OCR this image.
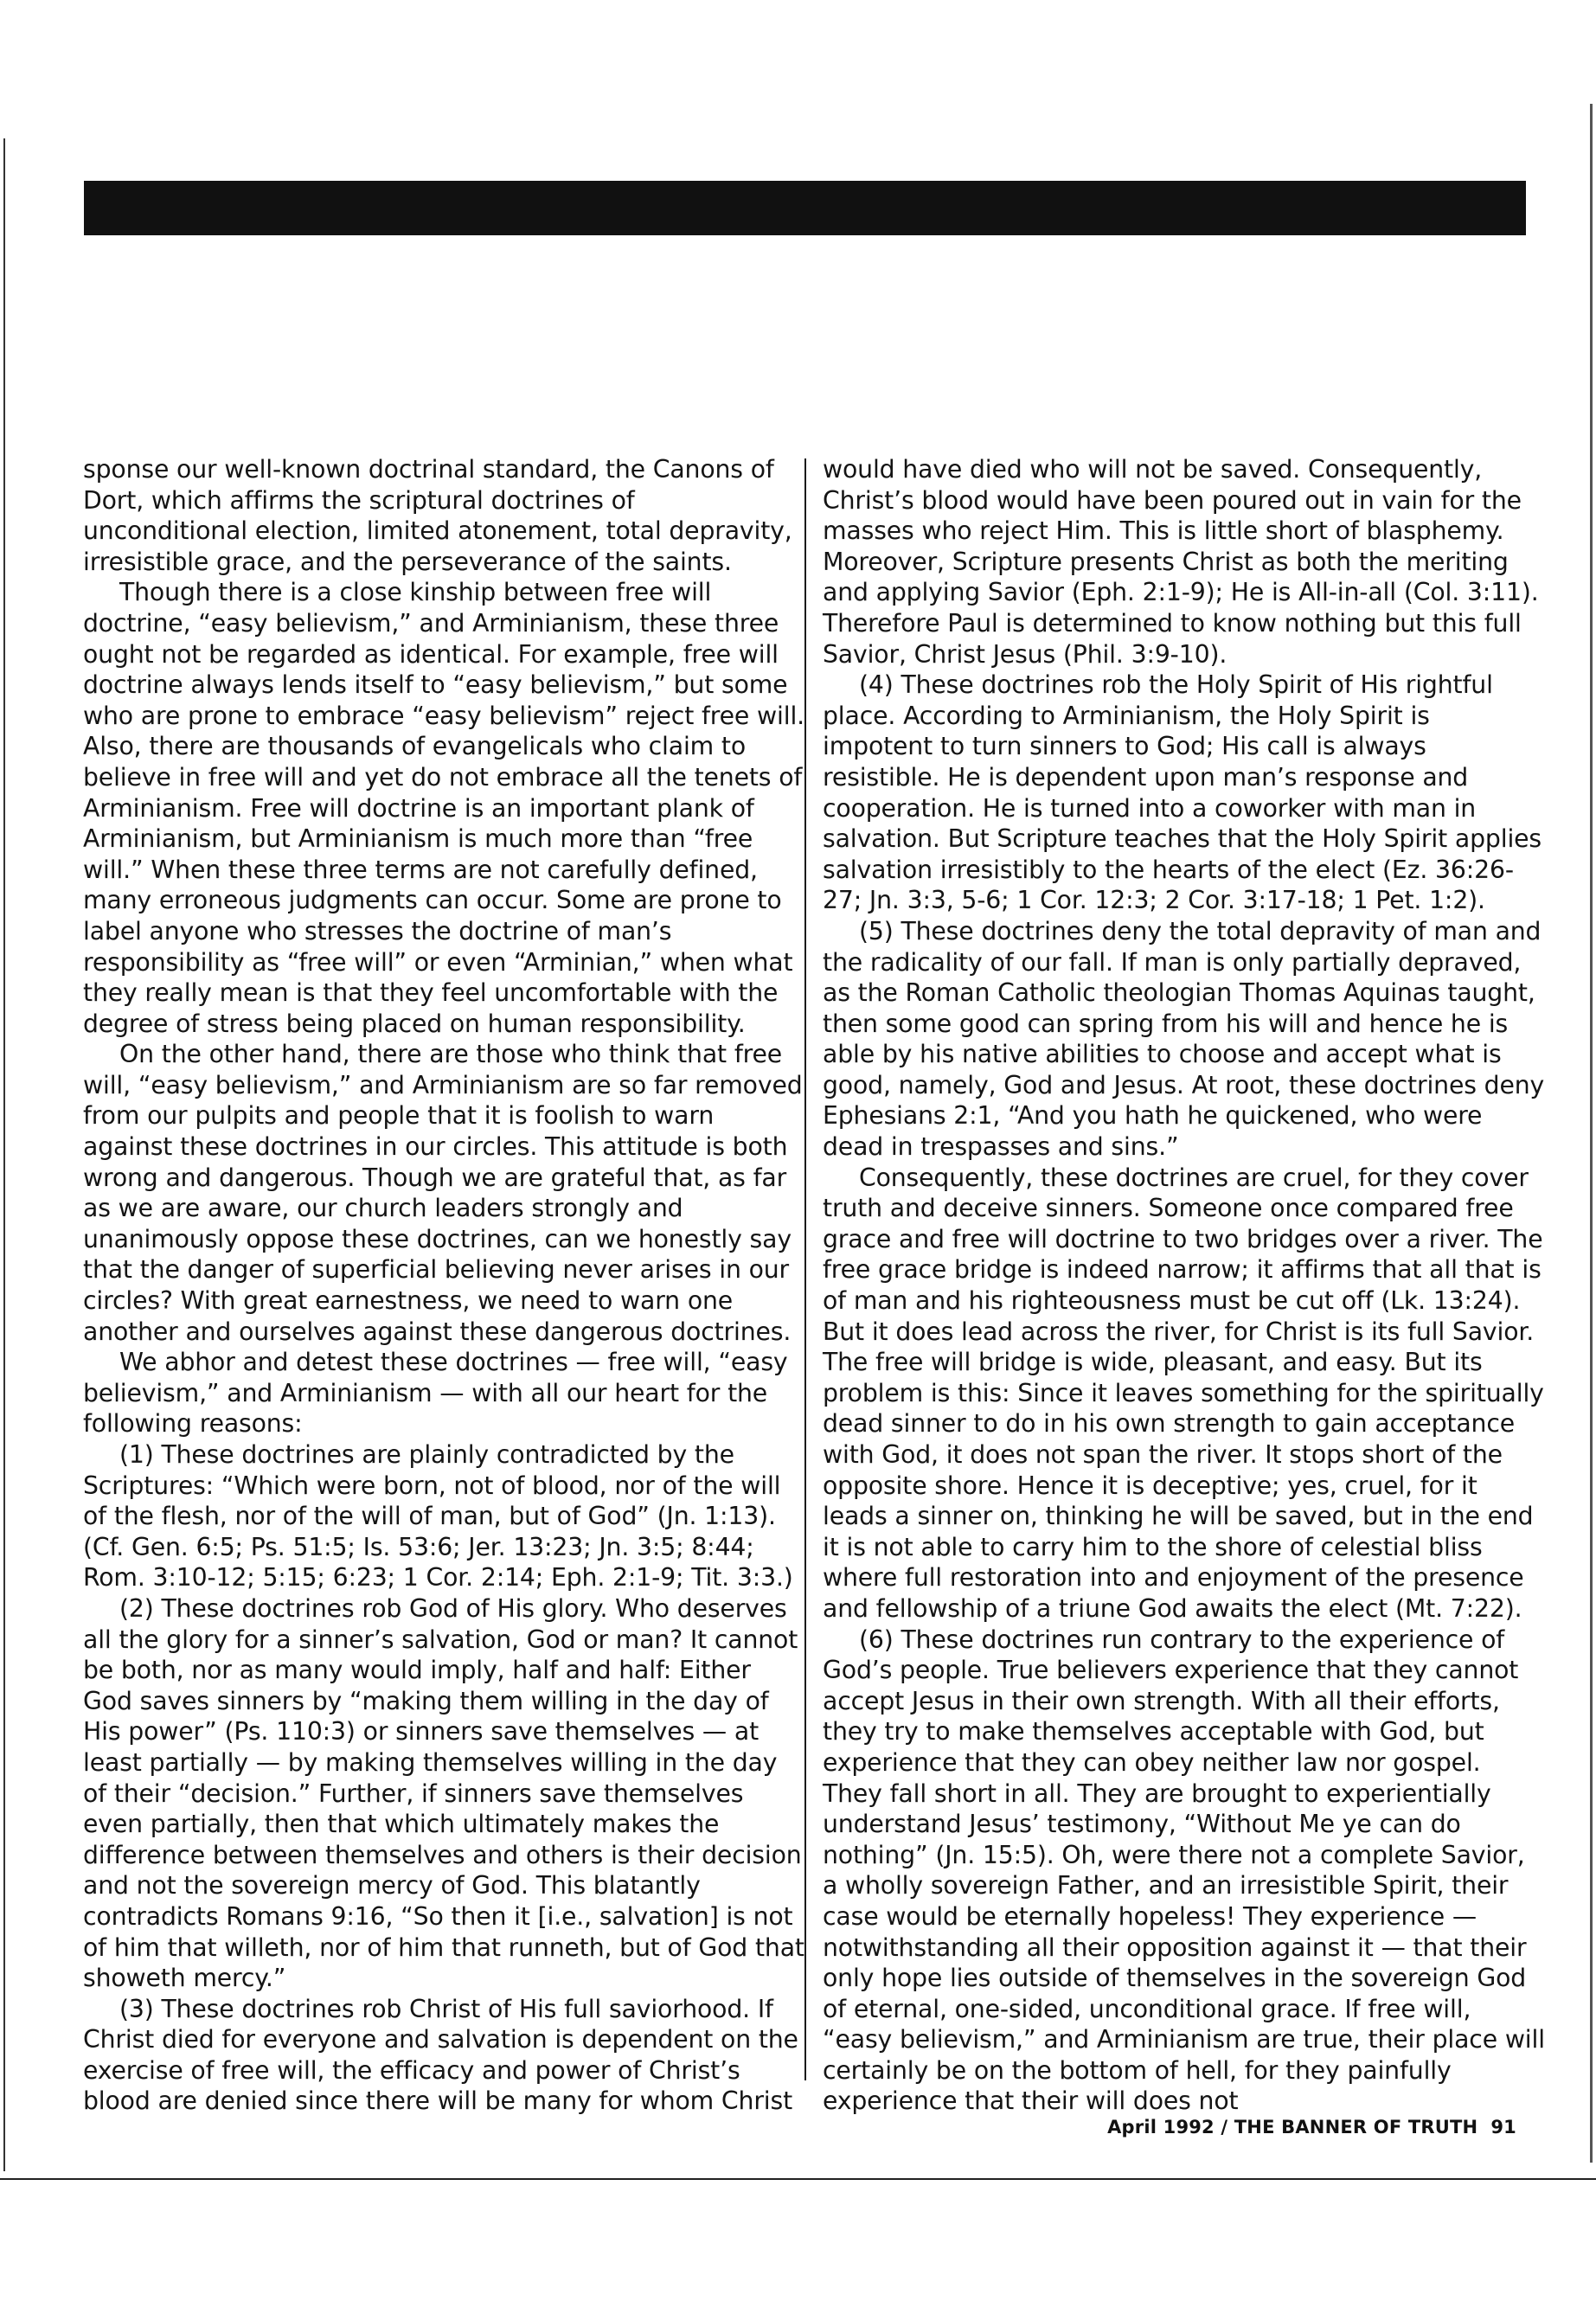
sponse our well-known doctrinal standard, the Canons of Dort, which affirms the scriptural doctrines of unconditional election, limited atonement, total depravity, irresistible grace, and the perseverance of the saints.

Though there is a close kinship between free will doctrine, “easy believism,” and Arminianism, these three ought not be regarded as identical. For example, free will doctrine always lends itself to “easy believism,” but some who are prone to embrace “easy believism” reject free will. Also, there are thousands of evangelicals who claim to believe in free will and yet do not embrace all the tenets of Arminianism. Free will doctrine is an important plank of Arminianism, but Arminianism is much more than “free will.” When these three terms are not carefully defined, many erroneous judgments can occur. Some are prone to label anyone who stresses the doctrine of man’s responsibility as “free will” or even “Arminian,” when what they really mean is that they feel uncomfortable with the degree of stress being placed on human responsibility.

On the other hand, there are those who think that free will, “easy believism,” and Arminianism are so far removed from our pulpits and people that it is foolish to warn against these doctrines in our circles. This attitude is both wrong and dangerous. Though we are grateful that, as far as we are aware, our church leaders strongly and unanimously oppose these doctrines, can we honestly say that the danger of superficial believing never arises in our circles? With great earnestness, we need to warn one another and ourselves against these dangerous doctrines.

We abhor and detest these doctrines — free will, “easy believism,” and Arminianism — with all our heart for the following reasons:

(1) These doctrines are plainly contradicted by the Scriptures: “Which were born, not of blood, nor of the will of the flesh, nor of the will of man, but of God” (Jn. 1:13). (Cf. Gen. 6:5; Ps. 51:5; Is. 53:6; Jer. 13:23; Jn. 3:5; 8:44; Rom. 3:10-12; 5:15; 6:23; 1 Cor. 2:14; Eph. 2:1-9; Tit. 3:3.)

(2) These doctrines rob God of His glory. Who deserves all the glory for a sinner’s salvation, God or man? It cannot be both, nor as many would imply, half and half: Either God saves sinners by “making them willing in the day of His power” (Ps. 110:3) or sinners save themselves — at least partially — by making themselves willing in the day of their “decision.” Further, if sinners save themselves even partially, then that which ultimately makes the difference between themselves and others is their decision and not the sovereign mercy of God. This blatantly contradicts Romans 9:16, “So then it [i.e., salvation] is not of him that willeth, nor of him that runneth, but of God that showeth mercy.”

(3) These doctrines rob Christ of His full saviorhood. If Christ died for everyone and salvation is dependent on the exercise of free will, the efficacy and power of Christ’s blood are denied since there will be many for whom Christ

would have died who will not be saved. Consequently, Christ’s blood would have been poured out in vain for the masses who reject Him. This is little short of blasphemy. Moreover, Scripture presents Christ as both the meriting and applying Savior (Eph. 2:1-9); He is All-in-all (Col. 3:11). Therefore Paul is determined to know nothing but this full Savior, Christ Jesus (Phil. 3:9-10).

(4) These doctrines rob the Holy Spirit of His rightful place. According to Arminianism, the Holy Spirit is impotent to turn sinners to God; His call is always resistible. He is dependent upon man’s response and cooperation. He is turned into a coworker with man in salvation. But Scripture teaches that the Holy Spirit applies salvation irresistibly to the hearts of the elect (Ez. 36:26-27; Jn. 3:3, 5-6; 1 Cor. 12:3; 2 Cor. 3:17-18; 1 Pet. 1:2).

(5) These doctrines deny the total depravity of man and the radicality of our fall. If man is only partially depraved, as the Roman Catholic theologian Thomas Aquinas taught, then some good can spring from his will and hence he is able by his native abilities to choose and accept what is good, namely, God and Jesus. At root, these doctrines deny Ephesians 2:1, “And you hath he quickened, who were dead in trespasses and sins.”

Consequently, these doctrines are cruel, for they cover truth and deceive sinners. Someone once compared free grace and free will doctrine to two bridges over a river. The free grace bridge is indeed narrow; it affirms that all that is of man and his righteousness must be cut off (Lk. 13:24). But it does lead across the river, for Christ is its full Savior. The free will bridge is wide, pleasant, and easy. But its problem is this: Since it leaves something for the spiritually dead sinner to do in his own strength to gain acceptance with God, it does not span the river. It stops short of the opposite shore. Hence it is deceptive; yes, cruel, for it leads a sinner on, thinking he will be saved, but in the end it is not able to carry him to the shore of celestial bliss where full restoration into and enjoyment of the presence and fellowship of a triune God awaits the elect (Mt. 7:22).

(6) These doctrines run contrary to the experience of God’s people. True believers experience that they cannot accept Jesus in their own strength. With all their efforts, they try to make themselves acceptable with God, but experience that they can obey neither law nor gospel. They fall short in all. They are brought to experientially understand Jesus’ testimony, “Without Me ye can do nothing” (Jn. 15:5). Oh, were there not a complete Savior, a wholly sovereign Father, and an irresistible Spirit, their case would be eternally hopeless! They experience — notwithstanding all their opposition against it — that their only hope lies outside of themselves in the sovereign God of eternal, one-sided, unconditional grace. If free will, “easy believism,” and Arminianism are true, their place will certainly be on the bottom of hell, for they painfully experience that their will does not

April 1992 / THE BANNER OF TRUTH 91
